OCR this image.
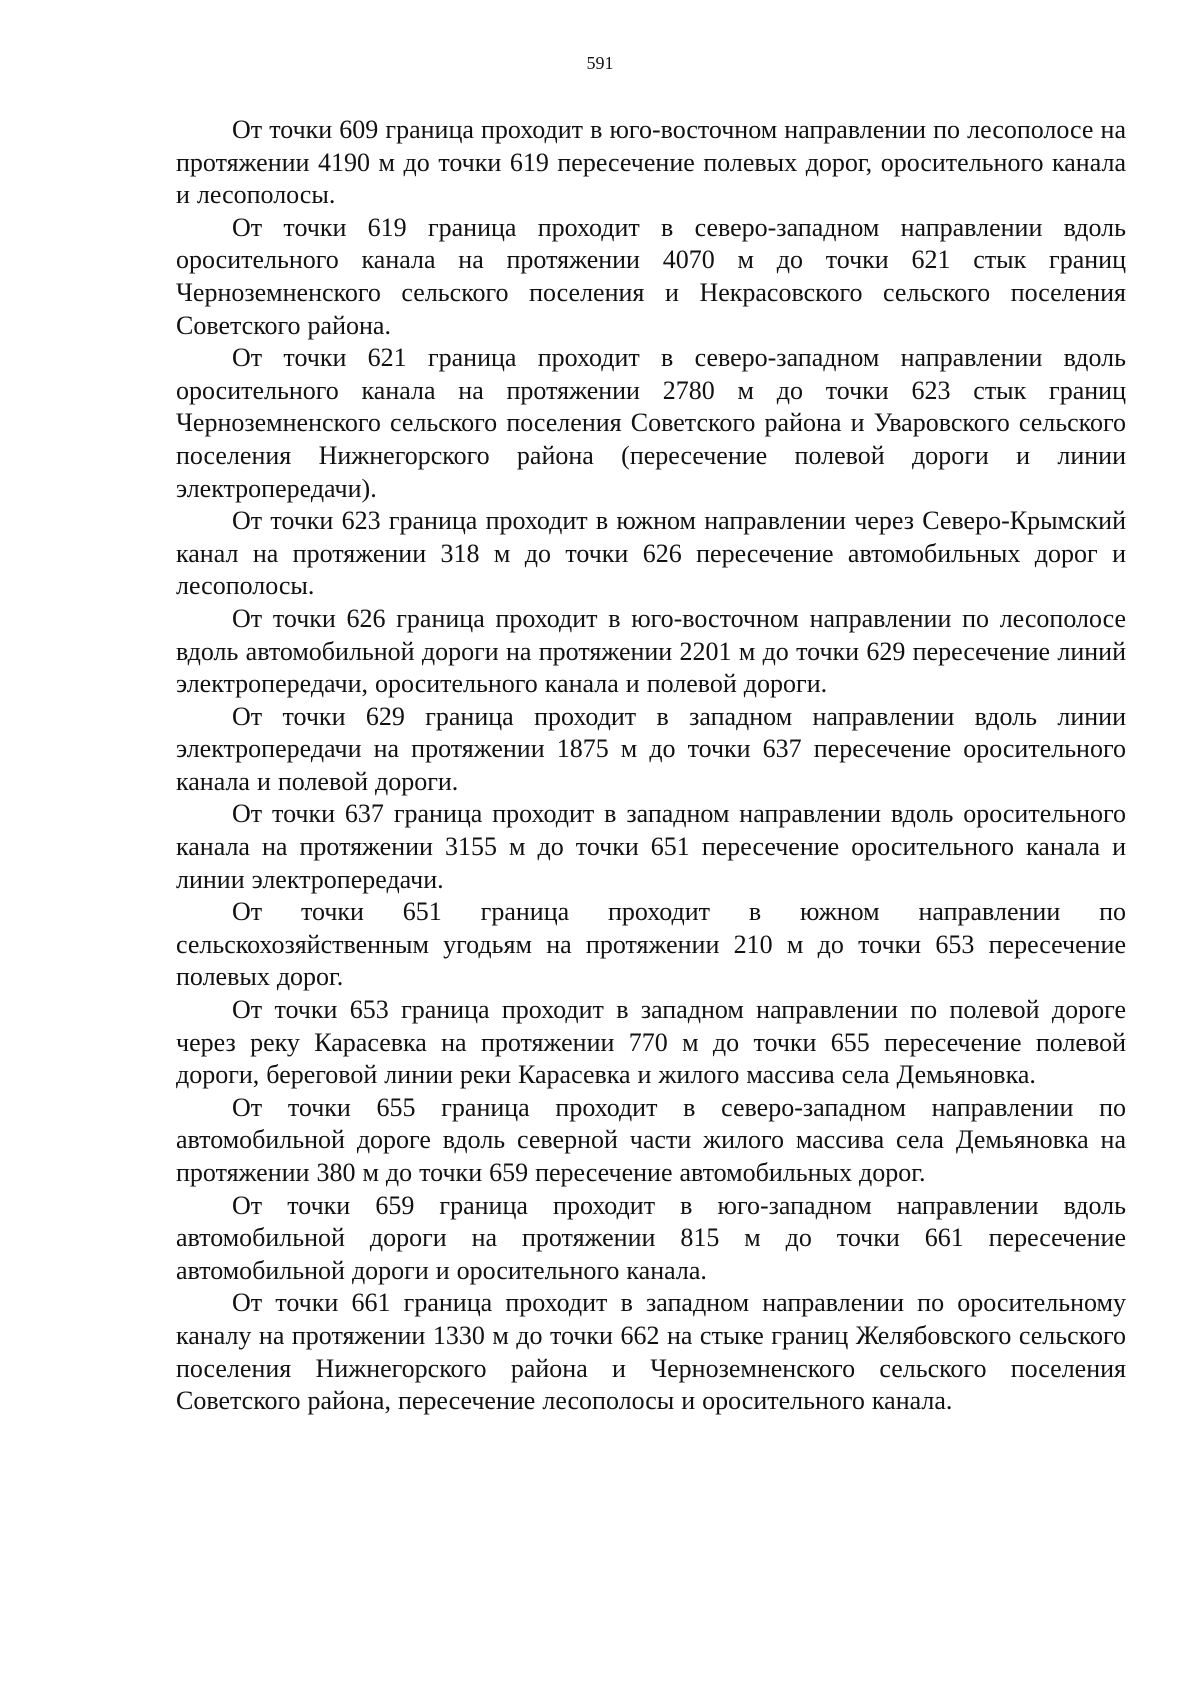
591

От точки 609 граница проходит в юго-восточном направлении по лесополосе на протяжении 4190 м до точки 619 пересечение полевых дорог, оросительного канала и лесополосы.

От точки 619 граница проходит в северо-западном направлении вдоль оросительного канала на протяжении 4070 м до точки 621 стык границ Черноземненского сельского поселения и Некрасовского сельского поселения Советского района.

От точки 621 граница проходит в северо-западном направлении вдоль оросительного канала на протяжении 2780 м до точки 623 стык границ Черноземненского сельского поселения Советского района и Уваровского сельского поселения Нижнегорского района (пересечение полевой дороги и линии электропередачи).

От точки 623 граница проходит в южном направлении через Северо-Крымский канал на протяжении 318 м до точки 626 пересечение автомобильных дорог и лесополосы.

От точки 626 граница проходит в юго-восточном направлении по лесополосе вдоль автомобильной дороги на протяжении 2201 м до точки 629 пересечение линий электропередачи, оросительного канала и полевой дороги.

От точки 629 граница проходит в западном направлении вдоль линии электропередачи на протяжении 1875 м до точки 637 пересечение оросительного канала и полевой дороги.

От точки 637 граница проходит в западном направлении вдоль оросительного канала на протяжении 3155 м до точки 651 пересечение оросительного канала и линии электропередачи.

От точки 651 граница проходит в южном направлении по сельскохозяйственным угодьям на протяжении 210 м до точки 653 пересечение полевых дорог.

От точки 653 граница проходит в западном направлении по полевой дороге через реку Карасевка на протяжении 770 м до точки 655 пересечение полевой дороги, береговой линии реки Карасевка и жилого массива села Демьяновка.

От точки 655 граница проходит в северо-западном направлении по автомобильной дороге вдоль северной части жилого массива села Демьяновка на протяжении 380 м до точки 659 пересечение автомобильных дорог.

От точки 659 граница проходит в юго-западном направлении вдоль автомобильной дороги на протяжении 815 м до точки 661 пересечение автомобильной дороги и оросительного канала.

От точки 661 граница проходит в западном направлении по оросительному каналу на протяжении 1330 м до точки 662 на стыке границ Желябовского сельского поселения Нижнегорского района и Черноземненского сельского поселения Советского района, пересечение лесополосы и оросительного канала.
